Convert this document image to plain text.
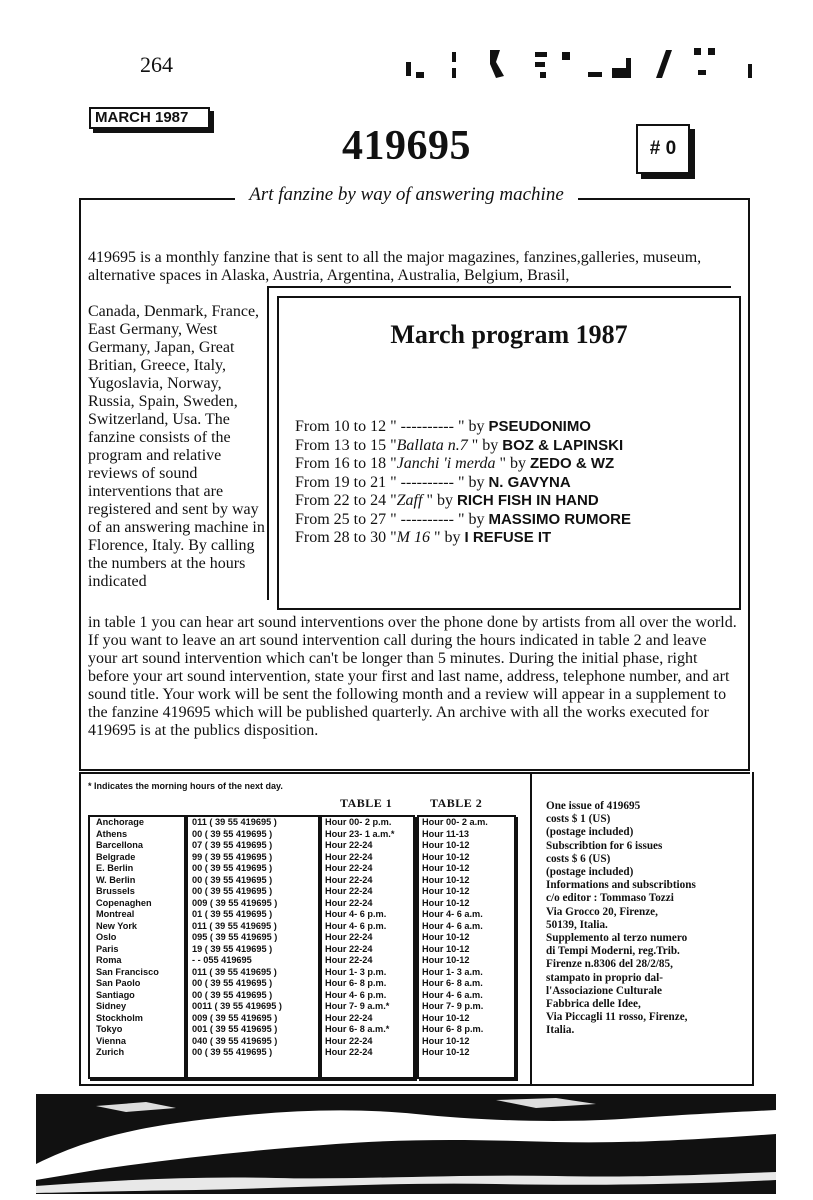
264
MARCH 1987
419695	# 0
Art fanzine by way of answering machine
419695 is a monthly fanzine that is sent to all the major magazines, fanzines,galleries, museum, alternative spaces in Alaska, Austria, Argentina, Australia, Belgium, Brasil,
Canada, Denmark, France, East Germany, West Germany, Japan, Great Britian, Greece, Italy, Yugoslavia, Norway, Russia, Spain, Sweden, Switzerland, Usa. The fanzine consists of the program and relative reviews of sound interventions that are registered and sent by way of an answering machine in Florence, Italy. By calling the numbers at the hours indicated
March program 1987
From 10 to 12 " ---------- " by PSEUDONIMO
From 13 to 15 "Ballata n.7 " by BOZ & LAPINSKI
From 16 to 18 "Janchi 'i merda " by ZEDO & WZ
From 19 to 21 " ---------- " by N. GAVYNA
From 22 to 24 "Zaff " by RICH FISH IN HAND
From 25 to 27 " ---------- " by MASSIMO RUMORE
From 28 to 30 "M 16 " by I REFUSE IT
in table 1 you can hear art sound interventions over the phone done by artists from all over the world. If you want to leave an art sound intervention call during the hours indicated in table 2 and leave your art sound intervention which can't be longer than 5 minutes. During the initial phase, right before your art sound intervention, state your first and last name, address, telephone number, and art sound title. Your work will be sent the following month and a review will appear in a supplement to the fanzine 419695 which will be published quarterly. An archive with all the works executed for 419695 is at the publics disposition.
* Indicates the morning hours of the next day.
TABLE 1	TABLE 2
Anchorage
Athens
Barcellona
Belgrade
E. Berlin
W. Berlin
Brussels
Copenaghen
Montreal
New York
Oslo
Paris
Roma
San Francisco
San Paolo
Santiago
Sidney
Stockholm
Tokyo
Vienna
Zurich
011 ( 39 55 419695 )
00 ( 39 55 419695 )
07 ( 39 55 419695 )
99 ( 39 55 419695 )
00 ( 39 55 419695 )
00 ( 39 55 419695 )
00 ( 39 55 419695 )
009 ( 39 55 419695 )
01 ( 39 55 419695 )
011 ( 39 55 419695 )
095 ( 39 55 419695 )
19 ( 39 55 419695 )
- - 055 419695
011 ( 39 55 419695 )
00 ( 39 55 419695 )
00 ( 39 55 419695 )
0011 ( 39 55 419695 )
009 ( 39 55 419695 )
001 ( 39 55 419695 )
040 ( 39 55 419695 )
00 ( 39 55 419695 )
Hour 00- 2 p.m.
Hour 23- 1 a.m.*
Hour 22-24
Hour 22-24
Hour 22-24
Hour 22-24
Hour 22-24
Hour 22-24
Hour 4- 6 p.m.
Hour 4- 6 p.m.
Hour 22-24
Hour 22-24
Hour 22-24
Hour 1- 3 p.m.
Hour 6- 8 p.m.
Hour 4- 6 p.m.
Hour 7- 9 a.m.*
Hour 22-24
Hour 6- 8 a.m.*
Hour 22-24
Hour 22-24
Hour 00- 2 a.m.
Hour 11-13
Hour 10-12
Hour 10-12
Hour 10-12
Hour 10-12
Hour 10-12
Hour 10-12
Hour 4- 6 a.m.
Hour 4- 6 a.m.
Hour 10-12
Hour 10-12
Hour 10-12
Hour 1- 3 a.m.
Hour 6- 8 a.m.
Hour 4- 6 a.m.
Hour 7- 9 p.m.
Hour 10-12
Hour 6- 8 p.m.
Hour 10-12
Hour 10-12
One issue of 419695
costs $ 1 (US)
(postage included)
Subscribtion for 6 issues
costs $ 6 (US)
(postage included)
Informations and subscribtions
c/o editor : Tommaso Tozzi
Via Grocco 20, Firenze,
50139, Italia.
Supplemento al terzo numero
di Tempi Moderni, reg.Trib.
Firenze n.8306 del 28/2/85,
stampato in proprio dal-
l'Associazione Culturale
Fabbrica delle Idee,
Via Piccagli 11 rosso, Firenze,
Italia.
